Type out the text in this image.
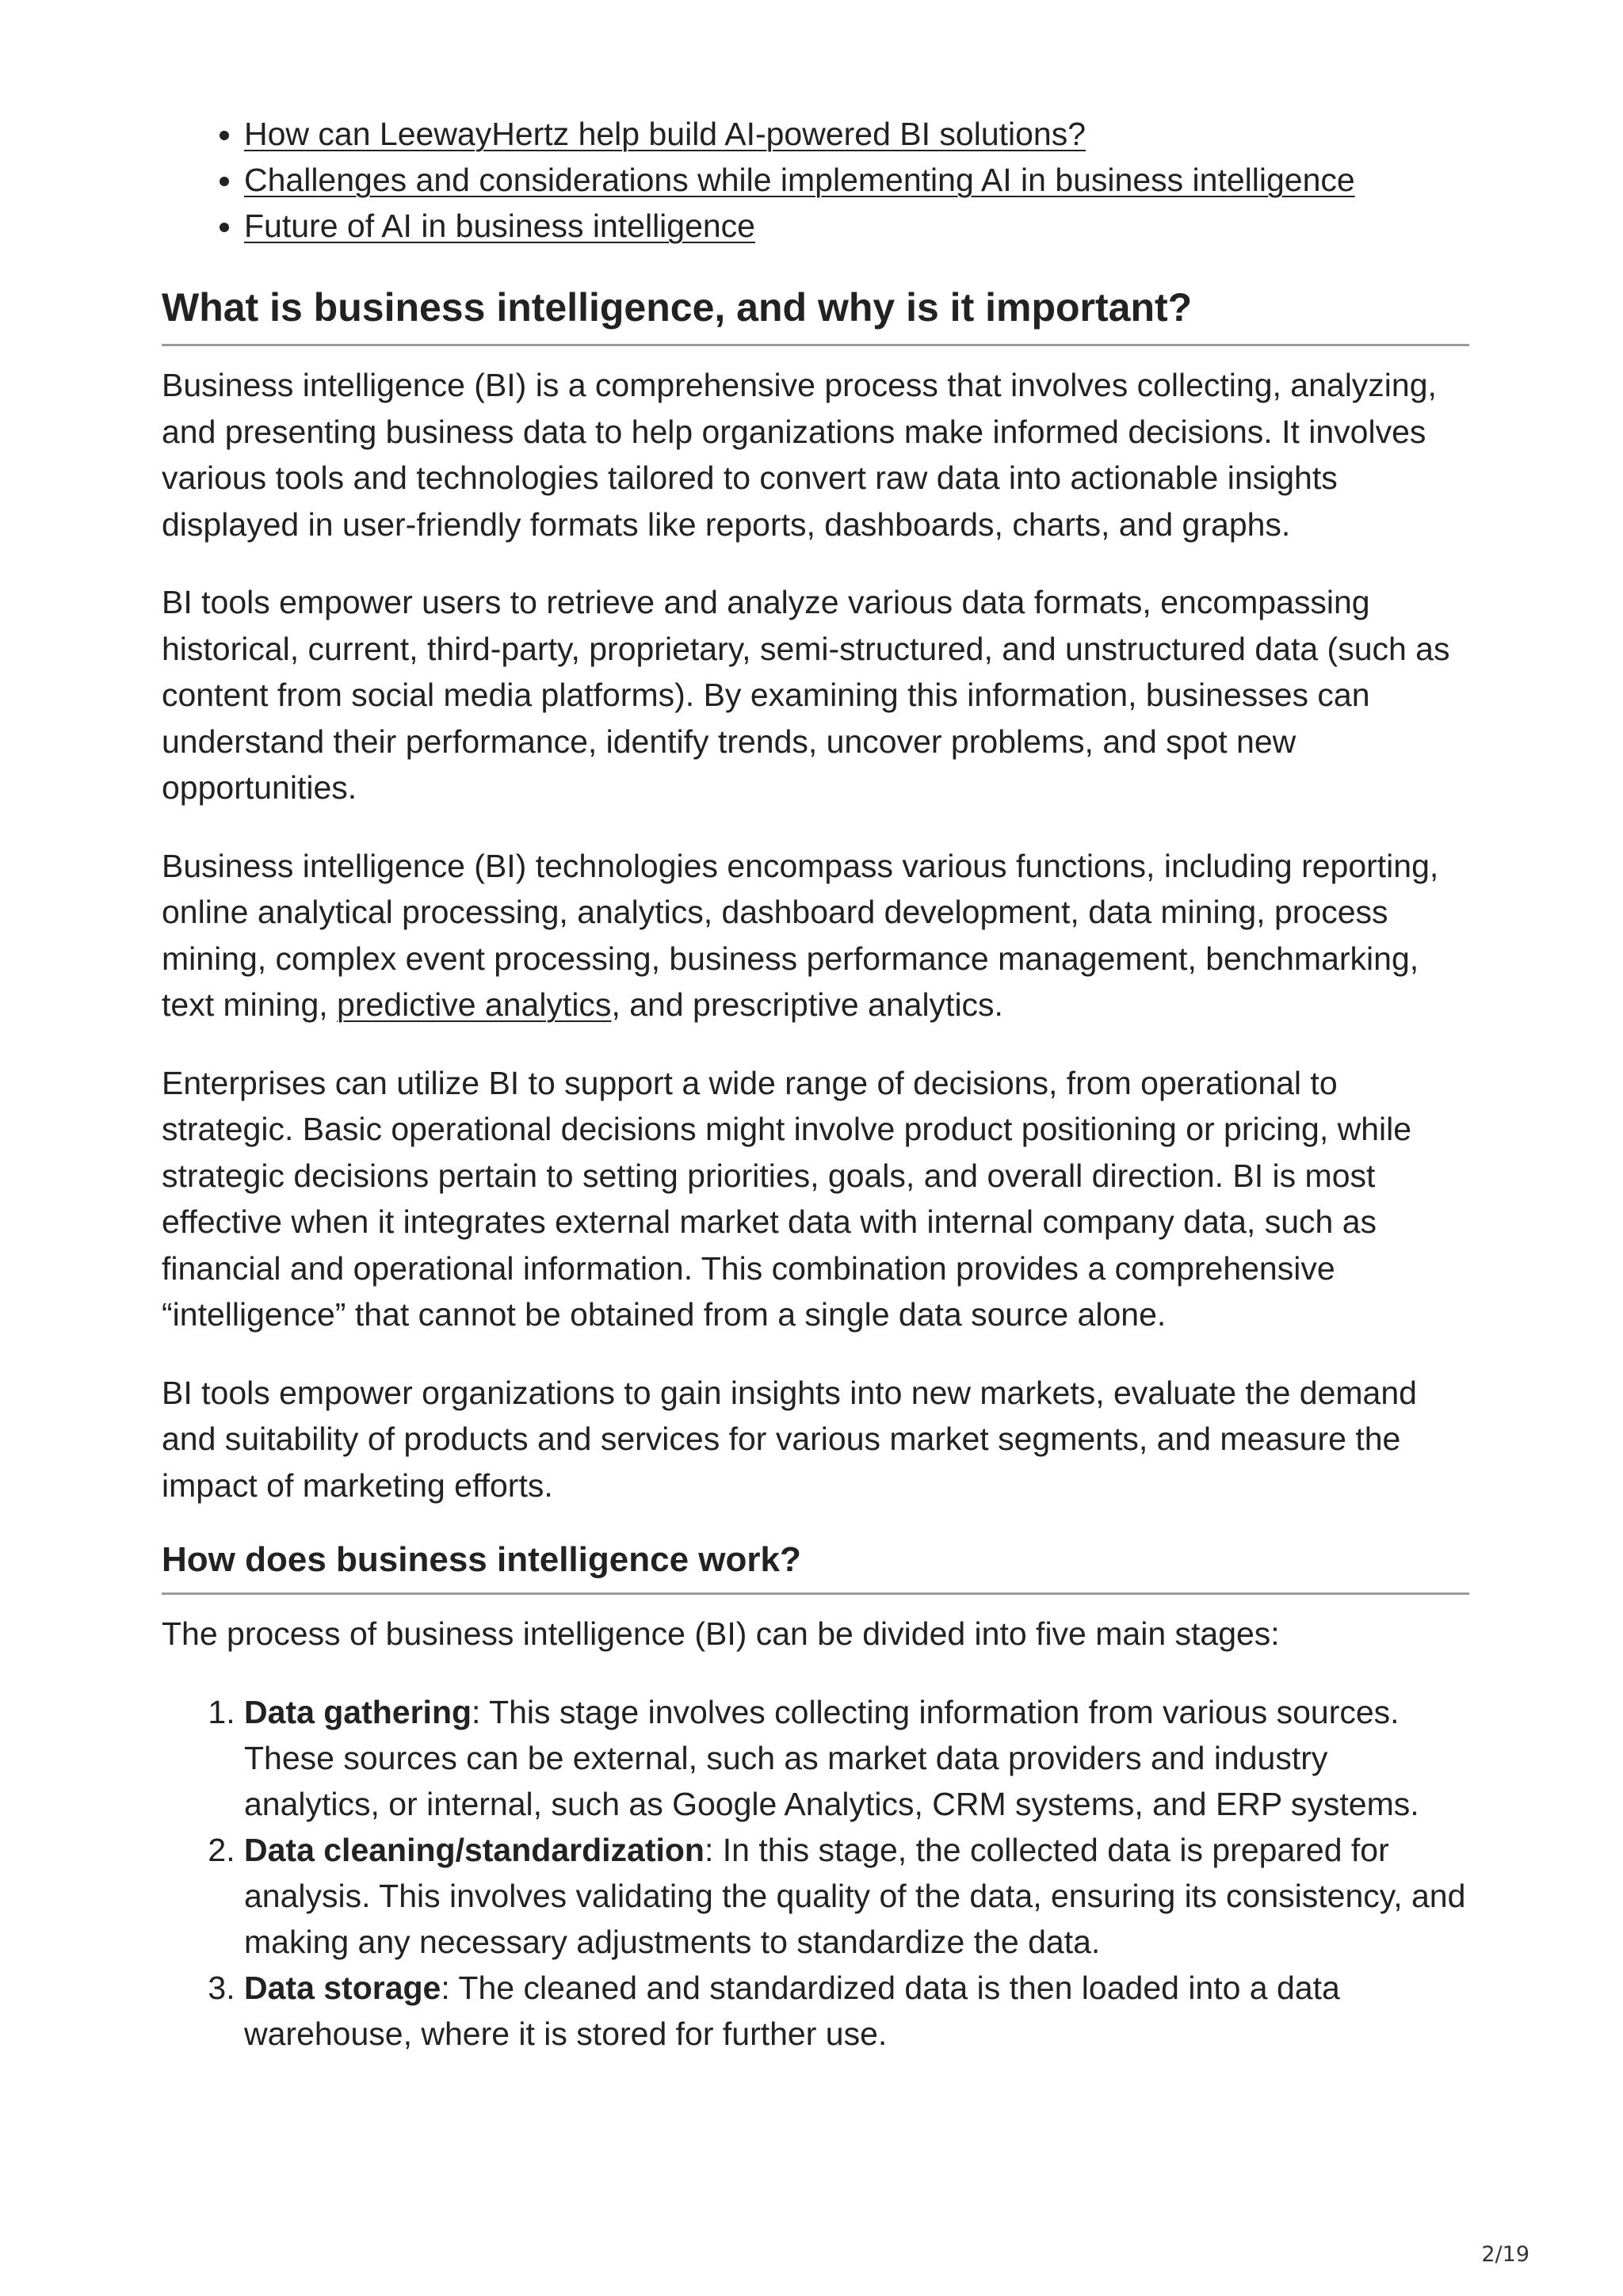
• How can LeewayHertz help build AI-powered BI solutions?
• Challenges and considerations while implementing AI in business intelligence
• Future of AI in business intelligence
What is business intelligence, and why is it important?

Business intelligence (BI) is a comprehensive process that involves collecting, analyzing, and presenting business data to help organizations make informed decisions. It involves various tools and technologies tailored to convert raw data into actionable insights displayed in user-friendly formats like reports, dashboards, charts, and graphs.

BI tools empower users to retrieve and analyze various data formats, encompassing historical, current, third-party, proprietary, semi-structured, and unstructured data (such as content from social media platforms). By examining this information, businesses can understand their performance, identify trends, uncover problems, and spot new opportunities.

Business intelligence (BI) technologies encompass various functions, including reporting, online analytical processing, analytics, dashboard development, data mining, process mining, complex event processing, business performance management, benchmarking, text mining, predictive analytics, and prescriptive analytics.

Enterprises can utilize BI to support a wide range of decisions, from operational to strategic. Basic operational decisions might involve product positioning or pricing, while strategic decisions pertain to setting priorities, goals, and overall direction. BI is most effective when it integrates external market data with internal company data, such as financial and operational information. This combination provides a comprehensive “intelligence” that cannot be obtained from a single data source alone.

BI tools empower organizations to gain insights into new markets, evaluate the demand and suitability of products and services for various market segments, and measure the impact of marketing efforts.

How does business intelligence work?

The process of business intelligence (BI) can be divided into five main stages:

1. Data gathering: This stage involves collecting information from various sources. These sources can be external, such as market data providers and industry analytics, or internal, such as Google Analytics, CRM systems, and ERP systems.
2. Data cleaning/standardization: In this stage, the collected data is prepared for analysis. This involves validating the quality of the data, ensuring its consistency, and making any necessary adjustments to standardize the data.
3. Data storage: The cleaned and standardized data is then loaded into a data warehouse, where it is stored for further use.
2/19
